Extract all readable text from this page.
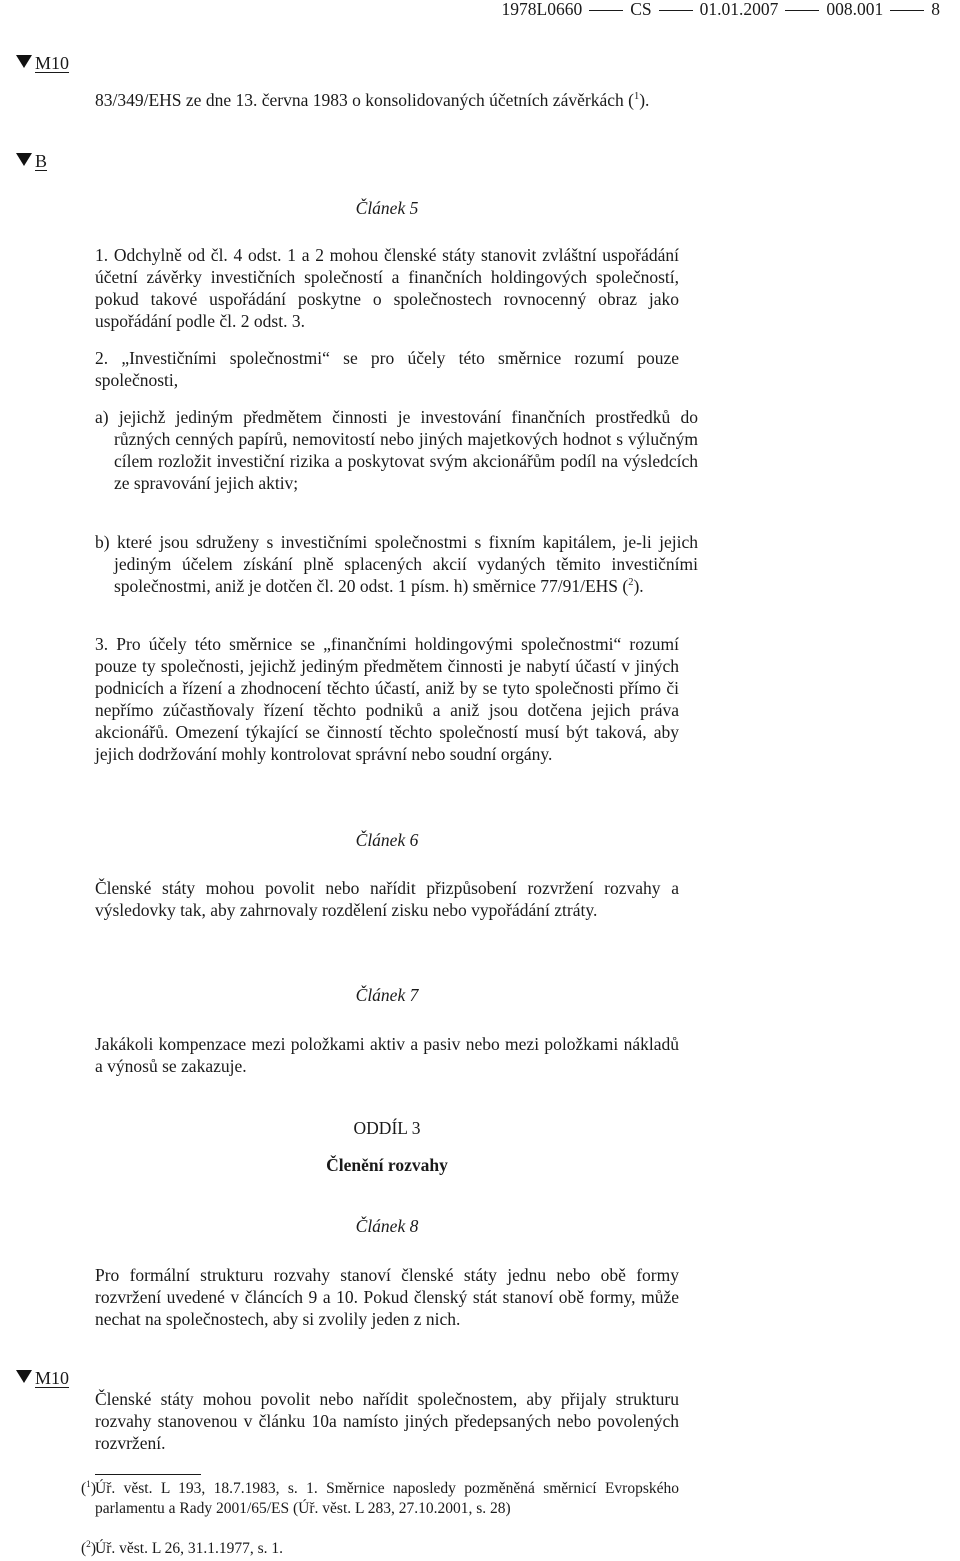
1978L0660	CS	01.01.2007	008.001	8
M10
B
M10
83/349/EHS ze dne 13. června 1983 o konsolidovaných účetních závěrkách ($^1$).
Článek 5
1. Odchylně od čl. 4 odst. 1 a 2 mohou členské státy stanovit zvláštní uspořádání účetní závěrky investičních společností a finančních holdingových společností, pokud takové uspořádání poskytne o společnostech rovnocenný obraz jako uspořádání podle čl. 2 odst. 3.
2. „Investičními společnostmi“ se pro účely této směrnice rozumí pouze společnosti,
a) jejichž jediným předmětem činnosti je investování finančních prostředků do různých cenných papírů, nemovitostí nebo jiných majetkových hodnot s výlučným cílem rozložit investiční rizika a poskytovat svým akcionářům podíl na výsledcích ze spravování jejich aktiv;
b) které jsou sdruženy s investičními společnostmi s fixním kapitálem, je-li jejich jediným účelem získání plně splacených akcií vydaných těmito investičními společnostmi, aniž je dotčen čl. 20 odst. 1 písm. h) směrnice 77/91/EHS ($^2$).
3. Pro účely této směrnice se „finančními holdingovými společnostmi“ rozumí pouze ty společnosti, jejichž jediným předmětem činnosti je nabytí účastí v jiných podnicích a řízení a zhodnocení těchto účastí, aniž by se tyto společnosti přímo či nepřímo zúčastňovaly řízení těchto podniků a aniž jsou dotčena jejich práva akcionářů. Omezení týkající se činností těchto společností musí být taková, aby jejich dodržování mohly kontrolovat správní nebo soudní orgány.
Článek 6
Členské státy mohou povolit nebo nařídit přizpůsobení rozvržení rozvahy a výsledovky tak, aby zahrnovaly rozdělení zisku nebo vypořádání ztráty.
Článek 7
Jakákoli kompenzace mezi položkami aktiv a pasiv nebo mezi položkami nákladů a výnosů se zakazuje.
ODDÍL 3
Členění rozvahy
Článek 8
Pro formální strukturu rozvahy stanoví členské státy jednu nebo obě formy rozvržení uvedené v článcích 9 a 10. Pokud členský stát stanoví obě formy, může nechat na společnostech, aby si zvolily jeden z nich.
Členské státy mohou povolit nebo nařídit společnostem, aby přijaly strukturu rozvahy stanovenou v článku 10a namísto jiných předepsaných nebo povolených rozvržení.
($^1$) Úř. věst. L 193, 18.7.1983, s. 1. Směrnice naposledy pozměněná směrnicí Evropského parlamentu a Rady 2001/65/ES (Úř. věst. L 283, 27.10.2001, s. 28)
($^2$) Úř. věst. L 26, 31.1.1977, s. 1.
